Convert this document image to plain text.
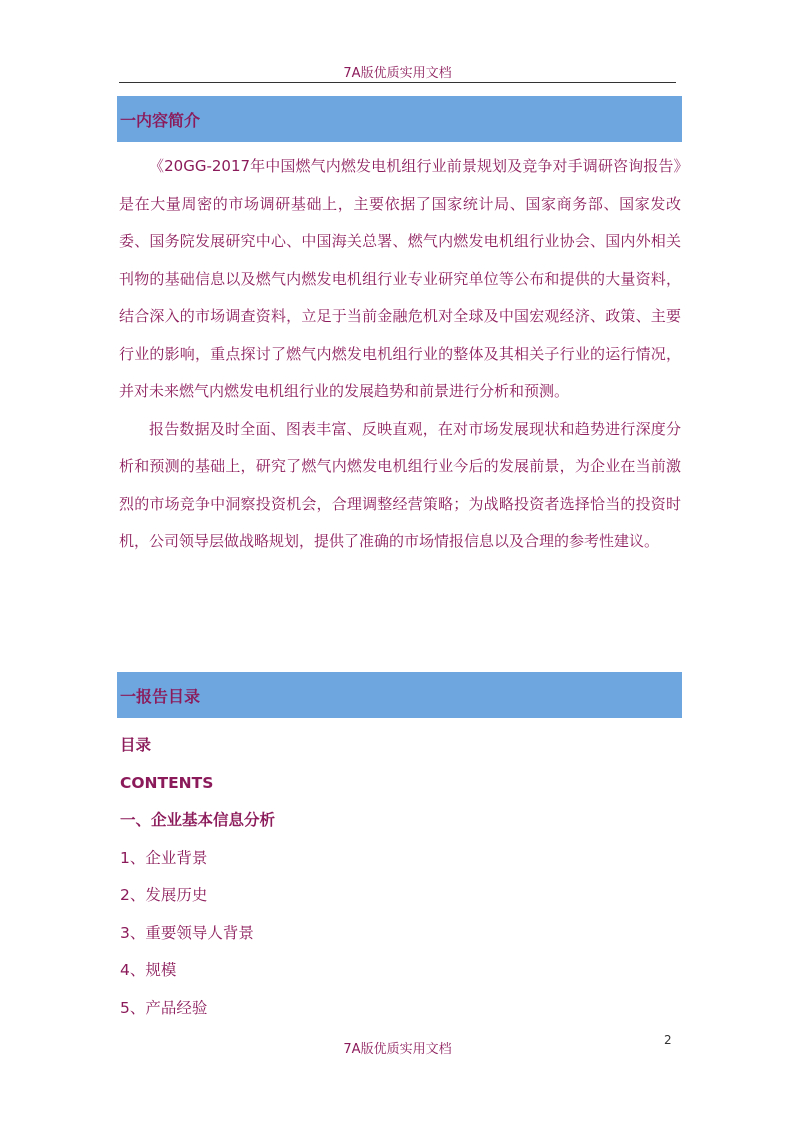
7A版优质实用文档
一内容简介

《20GG-2017年中国燃气内燃发电机组行业前景规划及竞争对手调研咨询报告》是在大量周密的市场调研基础上，主要依据了国家统计局、国家商务部、国家发改委、国务院发展研究中心、中国海关总署、燃气内燃发电机组行业协会、国内外相关刊物的基础信息以及燃气内燃发电机组行业专业研究单位等公布和提供的大量资料，结合深入的市场调查资料，立足于当前金融危机对全球及中国宏观经济、政策、主要行业的影响，重点探讨了燃气内燃发电机组行业的整体及其相关子行业的运行情况，并对未来燃气内燃发电机组行业的发展趋势和前景进行分析和预测。

报告数据及时全面、图表丰富、反映直观，在对市场发展现状和趋势进行深度分析和预测的基础上，研究了燃气内燃发电机组行业今后的发展前景，为企业在当前激烈的市场竞争中洞察投资机会，合理调整经营策略；为战略投资者选择恰当的投资时机，公司领导层做战略规划，提供了准确的市场情报信息以及合理的参考性建议。

一报告目录
目录
CONTENTS
一、企业基本信息分析
1、企业背景
2、发展历史
3、重要领导人背景
4、规模
5、产品经验
2
7A版优质实用文档
